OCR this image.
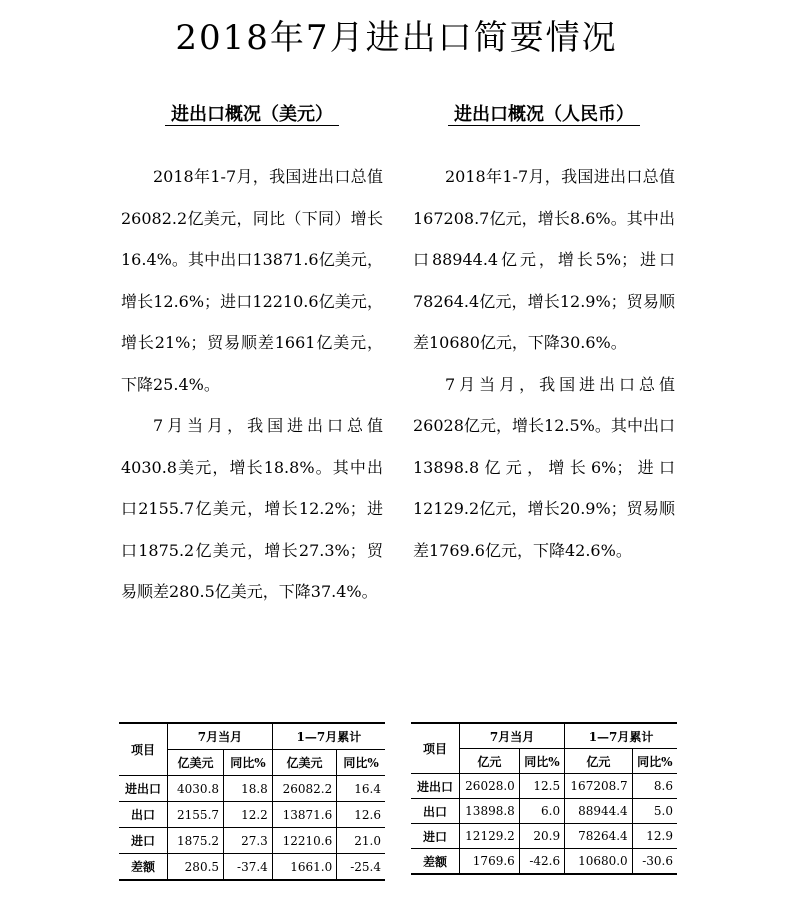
2018年7月进出口简要情况
进出口概况（美元）

2018年1-7月，我国进出口总值26082.2亿美元，同比（下同）增长16.4%。其中出口13871.6亿美元，增长12.6%；进口12210.6亿美元，增长21%；贸易顺差1661亿美元，下降25.4%。

7月当月，我国进出口总值4030.8美元，增长18.8%。其中出口2155.7亿美元，增长12.2%；进口1875.2亿美元，增长27.3%；贸易顺差280.5亿美元，下降37.4%。

进出口概况（人民币）

2018年1-7月，我国进出口总值167208.7亿元，增长8.6%。其中出口88944.4亿元，增长5%；进口78264.4亿元，增长12.9%；贸易顺差10680亿元，下降30.6%。

7月当月，我国进出口总值26028亿元，增长12.5%。其中出口13898.8亿元，增长6%；进口12129.2亿元，增长20.9%；贸易顺差1769.6亿元，下降42.6%。

项目	7月当月		1—7月累计	
	亿美元	同比%	亿美元	同比%
进出口	4030.8	18.8	26082.2	16.4
出口	2155.7	12.2	13871.6	12.6
进口	1875.2	27.3	12210.6	21.0
差额	280.5	-37.4	1661.0	-25.4
项目	7月当月		1—7月累计	
	亿元	同比%	亿元	同比%
进出口	26028.0	12.5	167208.7	8.6
出口	13898.8	6.0	88944.4	5.0
进口	12129.2	20.9	78264.4	12.9
差额	1769.6	-42.6	10680.0	-30.6
